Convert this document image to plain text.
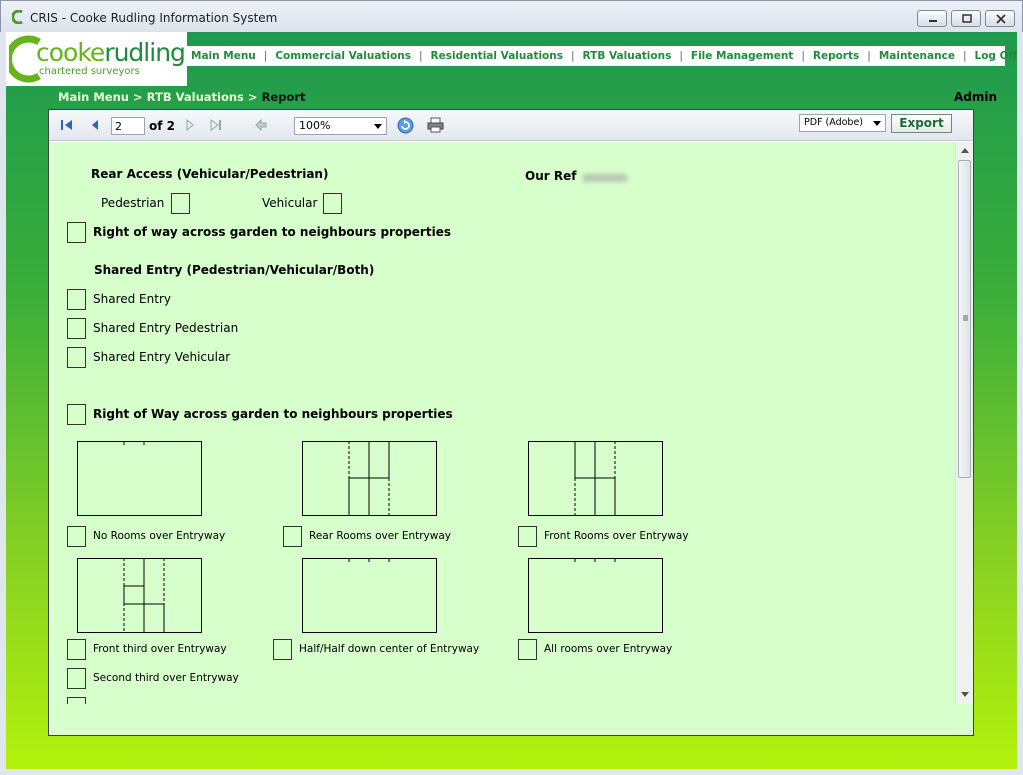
CRIS - Cooke Rudling Information System
cookerudling
chartered surveyors
Main Menu | Commercial Valuations | Residential Valuations | RTB Valuations | File Management | Reports | Maintenance | Log Off
Main Menu > RTB Valuations > Report	Admin
2
of 2	100%	PDF (Adobe)	Export
Rear Access (Vehicular/Pedestrian)	Our Ref
Pedestrian	Vehicular
Right of way across garden to neighbours properties
Shared Entry (Pedestrian/Vehicular/Both)
Shared Entry
Shared Entry Pedestrian
Shared Entry Vehicular
Right of Way across garden to neighbours properties
No Rooms over Entryway	Rear Rooms over Entryway	Front Rooms over Entryway
Front third over Entryway	Half/Half down center of Entryway	All rooms over Entryway
Second third over Entryway
